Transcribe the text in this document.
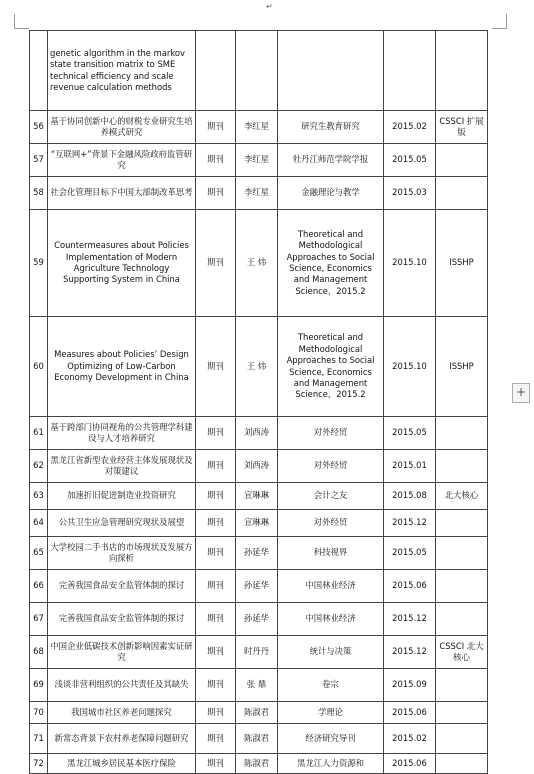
↵
	genetic algorithm in the markov state transition matrix to SME technical efficiency and scale revenue calculation methods					
56	基于协同创新中心的财税专业研究生培养模式研究	期刊	李红星	研究生教育研究	2015.02	CSSCI 扩展版
57	“互联网+”背景下金融风险政府监管研究	期刊	李红星	牡丹江师范学院学报	2015.05	
58	社会化管理目标下中国大部制改革思考	期刊	李红星	金融理论与教学	2015.03	
59	Countermeasures about Policies Implementation of Modern Agriculture Technology Supporting System in China	期刊	王 炜	Theoretical and Methodological Approaches to Social Science, Economics and Management Science，2015.2	2015.10	ISSHP
60	Measures about Policies’ Design Optimizing of Low-Carbon Economy Development in China	期刊	王 炜	Theoretical and Methodological Approaches to Social Science, Economics and Management Science，2015.2	2015.10	ISSHP
61	基于跨部门协同视角的公共管理学科建设与人才培养研究	期刊	刘西涛	对外经贸	2015.05	
62	黑龙江省新型农业经营主体发展现状及对策建议	期刊	刘西涛	对外经贸	2015.01	
63	加速折旧促进制造业投资研究	期刊	宣琳琳	会计之友	2015.08	北大核心
64	公共卫生应急管理研究现状及展望	期刊	宣琳琳	对外经贸	2015.12	
65	大学校园二手书店的市场现状及发展方向探析	期刊	孙延华	科技视界	2015.05	
66	完善我国食品安全监管体制的探讨	期刊	孙延华	中国林业经济	2015.06	
67	完善我国食品安全监管体制的探讨	期刊	孙延华	中国林业经济	2015.12	
68	中国企业低碳技术创新影响因素实证研究	期刊	时丹丹	统计与决策	2015.12	CSSCI 北大核心
69	浅谈非营利组织的公共责任及其缺失	期刊	张 鼎	卷宗	2015.09	
70	我国城市社区养老问题探究	期刊	陈淑君	学理论	2015.06	
71	新常态背景下农村养老保障问题研究	期刊	陈淑君	经济研究导刊	2015.02	
72	黑龙江城乡居民基本医疗保险	期刊	陈淑君	黑龙江人力资源和	2015.06	
+
